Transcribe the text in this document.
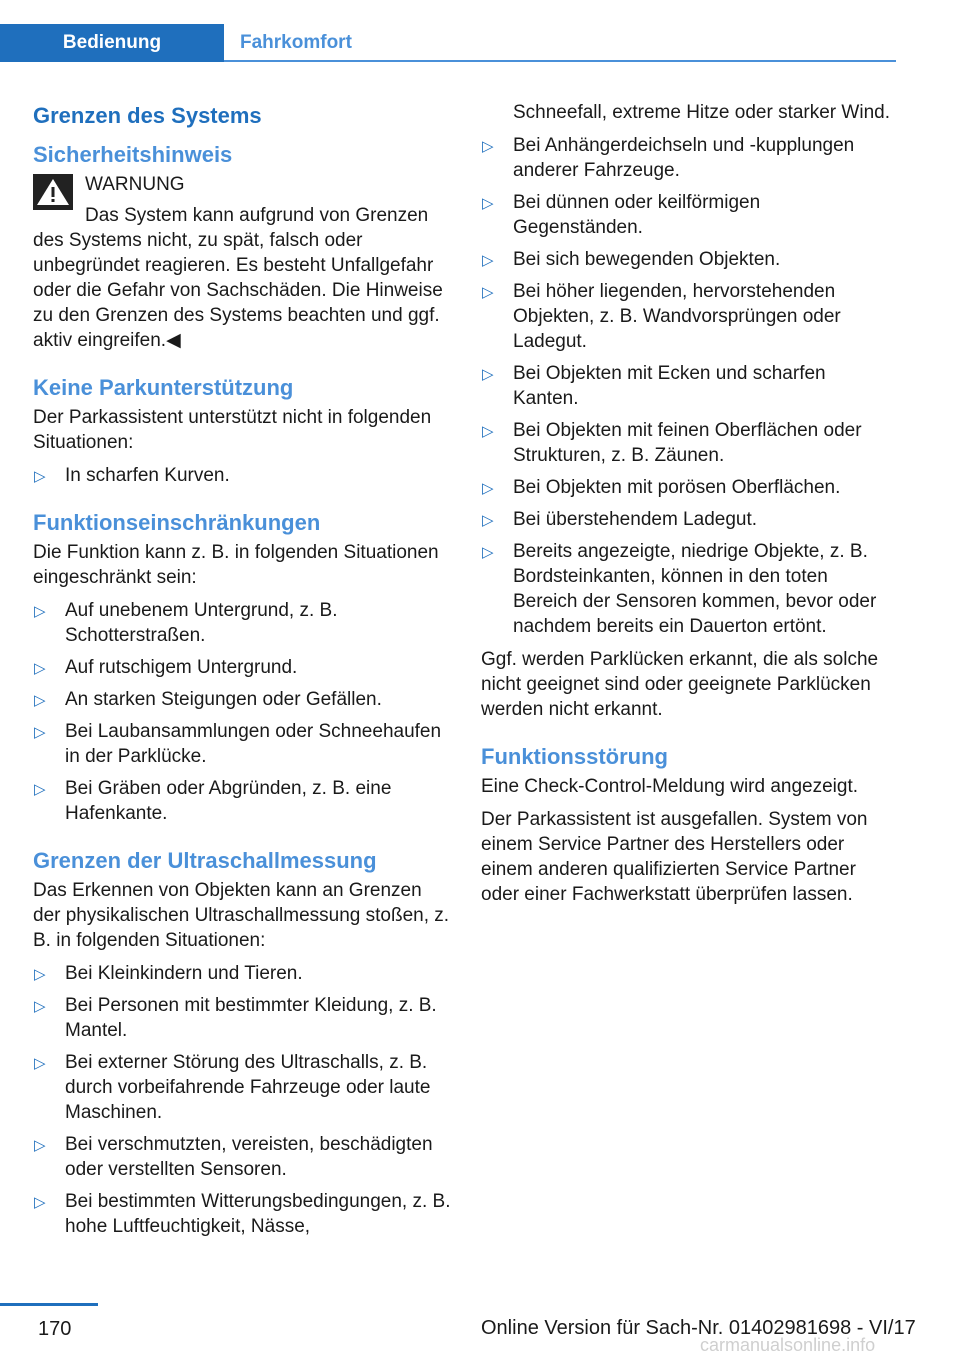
Bedienung	Fahrkomfort
Grenzen des Systems
Sicherheitshinweis
WARNUNG

Das System kann aufgrund von Grenzen des Systems nicht, zu spät, falsch oder unbegründet reagieren. Es besteht Unfallgefahr oder die Gefahr von Sachschäden. Die Hinweise zu den Grenzen des Systems beachten und ggf. aktiv eingreifen.◀

Keine Parkunterstützung

Der Parkassistent unterstützt nicht in folgenden Situationen:

▷ In scharfen Kurven.
Funktionseinschränkungen

Die Funktion kann z. B. in folgenden Situationen eingeschränkt sein:

▷ Auf unebenem Untergrund, z. B. Schotterstraßen.
▷ Auf rutschigem Untergrund.
▷ An starken Steigungen oder Gefällen.
▷ Bei Laubansammlungen oder Schneehaufen in der Parklücke.
▷ Bei Gräben oder Abgründen, z. B. eine Hafenkante.
Grenzen der Ultraschallmessung

Das Erkennen von Objekten kann an Grenzen der physikalischen Ultraschallmessung stoßen, z. B. in folgenden Situationen:

▷ Bei Kleinkindern und Tieren.
▷ Bei Personen mit bestimmter Kleidung, z. B. Mantel.
▷ Bei externer Störung des Ultraschalls, z. B. durch vorbeifahrende Fahrzeuge oder laute Maschinen.
▷ Bei verschmutzten, vereisten, beschädigten oder verstellten Sensoren.
▷ Bei bestimmten Witterungsbedingungen, z. B. hohe Luftfeuchtigkeit, Nässe,

Schneefall, extreme Hitze oder starker Wind.

▷ Bei Anhängerdeichseln und -kupplungen anderer Fahrzeuge.
▷ Bei dünnen oder keilförmigen Gegenständen.
▷ Bei sich bewegenden Objekten.
▷ Bei höher liegenden, hervorstehenden Objekten, z. B. Wandvorsprüngen oder Ladegut.
▷ Bei Objekten mit Ecken und scharfen Kanten.
▷ Bei Objekten mit feinen Oberflächen oder Strukturen, z. B. Zäunen.
▷ Bei Objekten mit porösen Oberflächen.
▷ Bei überstehendem Ladegut.
▷ Bereits angezeigte, niedrige Objekte, z. B. Bordsteinkanten, können in den toten Bereich der Sensoren kommen, bevor oder nachdem bereits ein Dauerton ertönt.

Ggf. werden Parklücken erkannt, die als solche nicht geeignet sind oder geeignete Parklücken werden nicht erkannt.

Funktionsstörung

Eine Check-Control-Meldung wird angezeigt.

Der Parkassistent ist ausgefallen. System von einem Service Partner des Herstellers oder einem anderen qualifizierten Service Partner oder einer Fachwerkstatt überprüfen lassen.

170	Online Version für Sach-Nr. 01402981698 - VI/17
carmanualsonline.info
